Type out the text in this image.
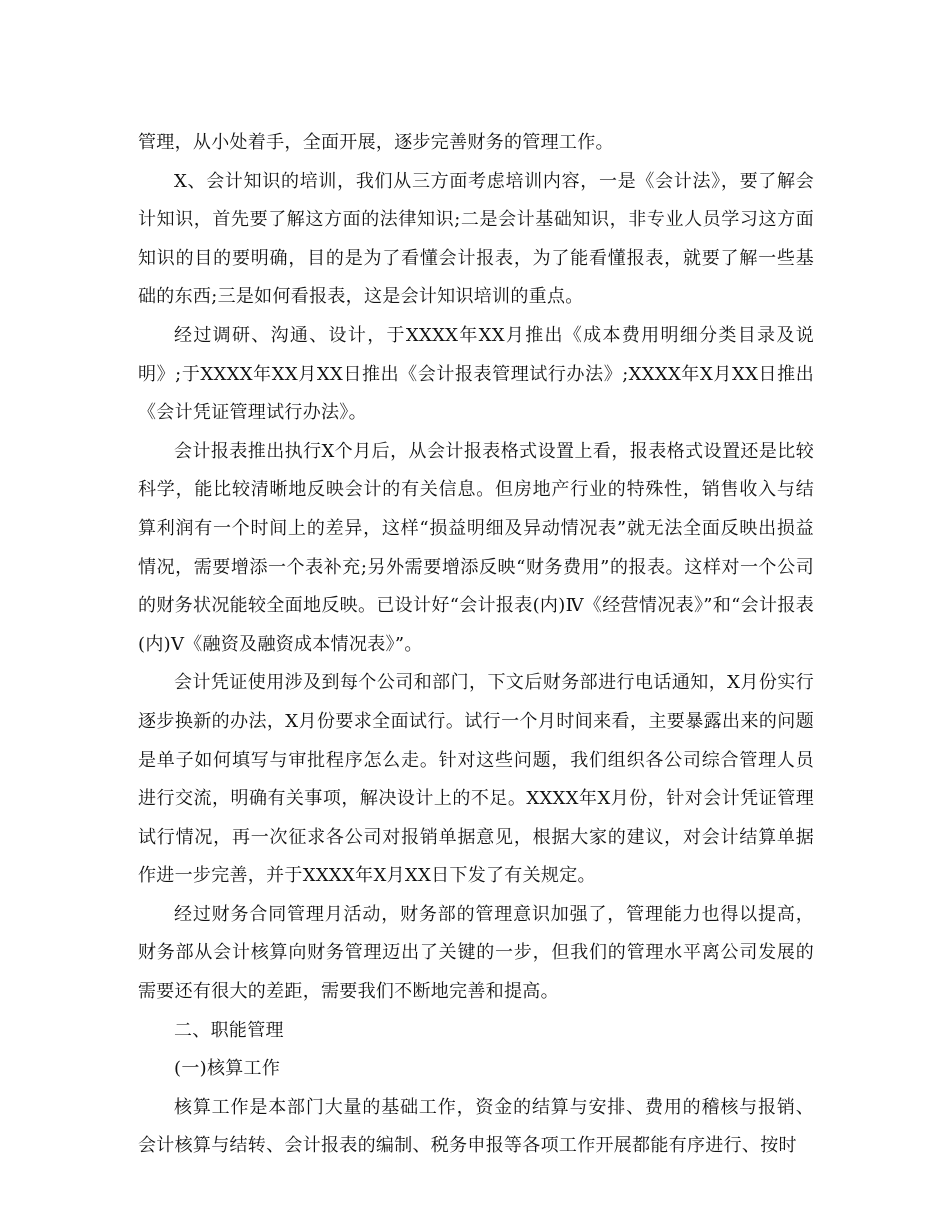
管理，从小处着手，全面开展，逐步完善财务的管理工作。

X、会计知识的培训，我们从三方面考虑培训内容，一是《会计法》，要了解会计知识，首先要了解这方面的法律知识;二是会计基础知识，非专业人员学习这方面知识的目的要明确，目的是为了看懂会计报表，为了能看懂报表，就要了解一些基础的东西;三是如何看报表，这是会计知识培训的重点。

经过调研、沟通、设计，于XXXX年XX月推出《成本费用明细分类目录及说明》;于XXXX年XX月XX日推出《会计报表管理试行办法》;XXXX年X月XX日推出《会计凭证管理试行办法》。

会计报表推出执行X个月后，从会计报表格式设置上看，报表格式设置还是比较科学，能比较清晰地反映会计的有关信息。但房地产行业的特殊性，销售收入与结算利润有一个时间上的差异，这样“损益明细及异动情况表”就无法全面反映出损益情况，需要增添一个表补充;另外需要增添反映“财务费用”的报表。这样对一个公司的财务状况能较全面地反映。已设计好“会计报表(内)Ⅳ《经营情况表》”和“会计报表(内)Ⅴ《融资及融资成本情况表》”。

会计凭证使用涉及到每个公司和部门，下文后财务部进行电话通知，X月份实行逐步换新的办法，X月份要求全面试行。试行一个月时间来看，主要暴露出来的问题是单子如何填写与审批程序怎么走。针对这些问题，我们组织各公司综合管理人员进行交流，明确有关事项，解决设计上的不足。XXXX年X月份，针对会计凭证管理试行情况，再一次征求各公司对报销单据意见，根据大家的建议，对会计结算单据作进一步完善，并于XXXX年X月XX日下发了有关规定。

经过财务合同管理月活动，财务部的管理意识加强了，管理能力也得以提高，财务部从会计核算向财务管理迈出了关键的一步，但我们的管理水平离公司发展的需要还有很大的差距，需要我们不断地完善和提高。

二、职能管理

(一)核算工作

核算工作是本部门大量的基础工作，资金的结算与安排、费用的稽核与报销、会计核算与结转、会计报表的编制、税务申报等各项工作开展都能有序进行、按时
